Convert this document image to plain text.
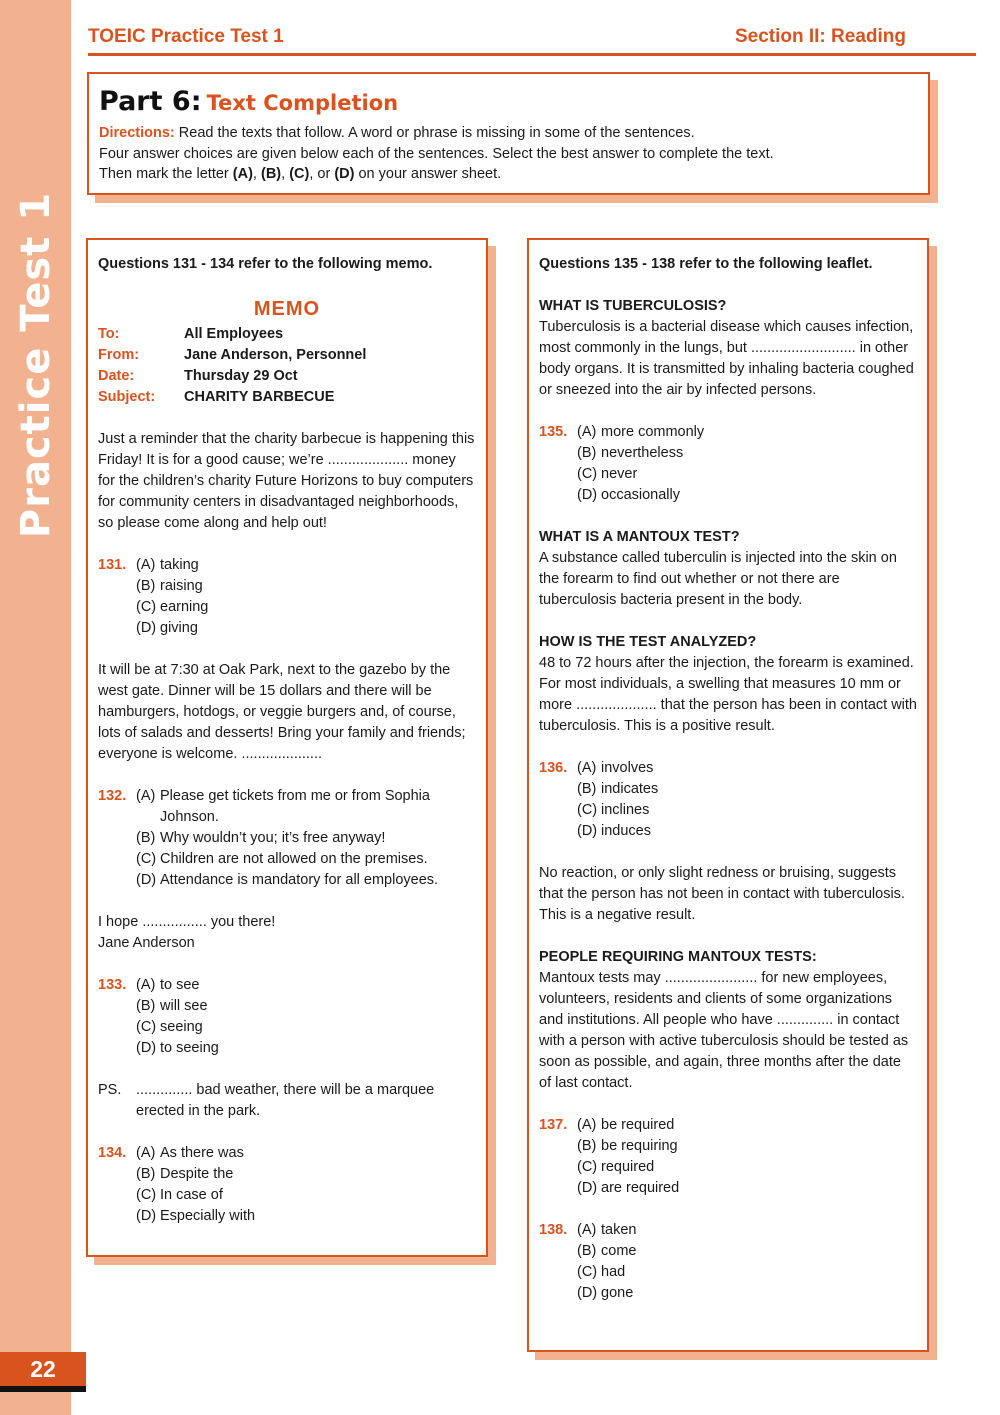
Practice Test 1
22
TOEIC Practice Test 1	Section II: Reading
Part 6: Text Completion
Directions: Read the texts that follow. A word or phrase is missing in some of the sentences.
Four answer choices are given below each of the sentences. Select the best answer to complete the text.
Then mark the letter (A), (B), (C), or (D) on your answer sheet.
Questions 131 - 134 refer to the following memo.
MEMO
To:	All Employees
From:	Jane Anderson, Personnel
Date:	Thursday 29 Oct
Subject:	CHARITY BARBECUE
Just a reminder that the charity barbecue is happening this Friday! It is for a good cause; we’re .................... money for the children’s charity Future Horizons to buy computers for community centers in disadvantaged neighborhoods, so please come along and help out!
131. (A) taking
(B) raising
(C) earning
(D) giving
It will be at 7:30 at Oak Park, next to the gazebo by the west gate. Dinner will be 15 dollars and there will be hamburgers, hotdogs, or veggie burgers and, of course, lots of salads and desserts! Bring your family and friends; everyone is welcome. ....................
132. (A) Please get tickets from me or from Sophia Johnson.
(B) Why wouldn’t you; it’s free anyway!
(C) Children are not allowed on the premises.
(D) Attendance is mandatory for all employees.
I hope ................ you there!
Jane Anderson
133. (A) to see
(B) will see
(C) seeing
(D) to seeing
PS.	.............. bad weather, there will be a marquee erected in the park.
134. (A) As there was
(B) Despite the
(C) In case of
(D) Especially with
Questions 135 - 138 refer to the following leaflet.
WHAT IS TUBERCULOSIS?
Tuberculosis is a bacterial disease which causes infection, most commonly in the lungs, but .......................... in other body organs. It is transmitted by inhaling bacteria coughed or sneezed into the air by infected persons.
135. (A) more commonly
(B) nevertheless
(C) never
(D) occasionally
WHAT IS A MANTOUX TEST?
A substance called tuberculin is injected into the skin on the forearm to find out whether or not there are tuberculosis bacteria present in the body.
HOW IS THE TEST ANALYZED?
48 to 72 hours after the injection, the forearm is examined. For most individuals, a swelling that measures 10 mm or more .................... that the person has been in contact with tuberculosis. This is a positive result.
136. (A) involves
(B) indicates
(C) inclines
(D) induces
No reaction, or only slight redness or bruising, suggests that the person has not been in contact with tuberculosis. This is a negative result.
PEOPLE REQUIRING MANTOUX TESTS:
Mantoux tests may ....................... for new employees, volunteers, residents and clients of some organizations and institutions. All people who have .............. in contact with a person with active tuberculosis should be tested as soon as possible, and again, three months after the date of last contact.
137. (A) be required
(B) be requiring
(C) required
(D) are required
138. (A) taken
(B) come
(C) had
(D) gone
